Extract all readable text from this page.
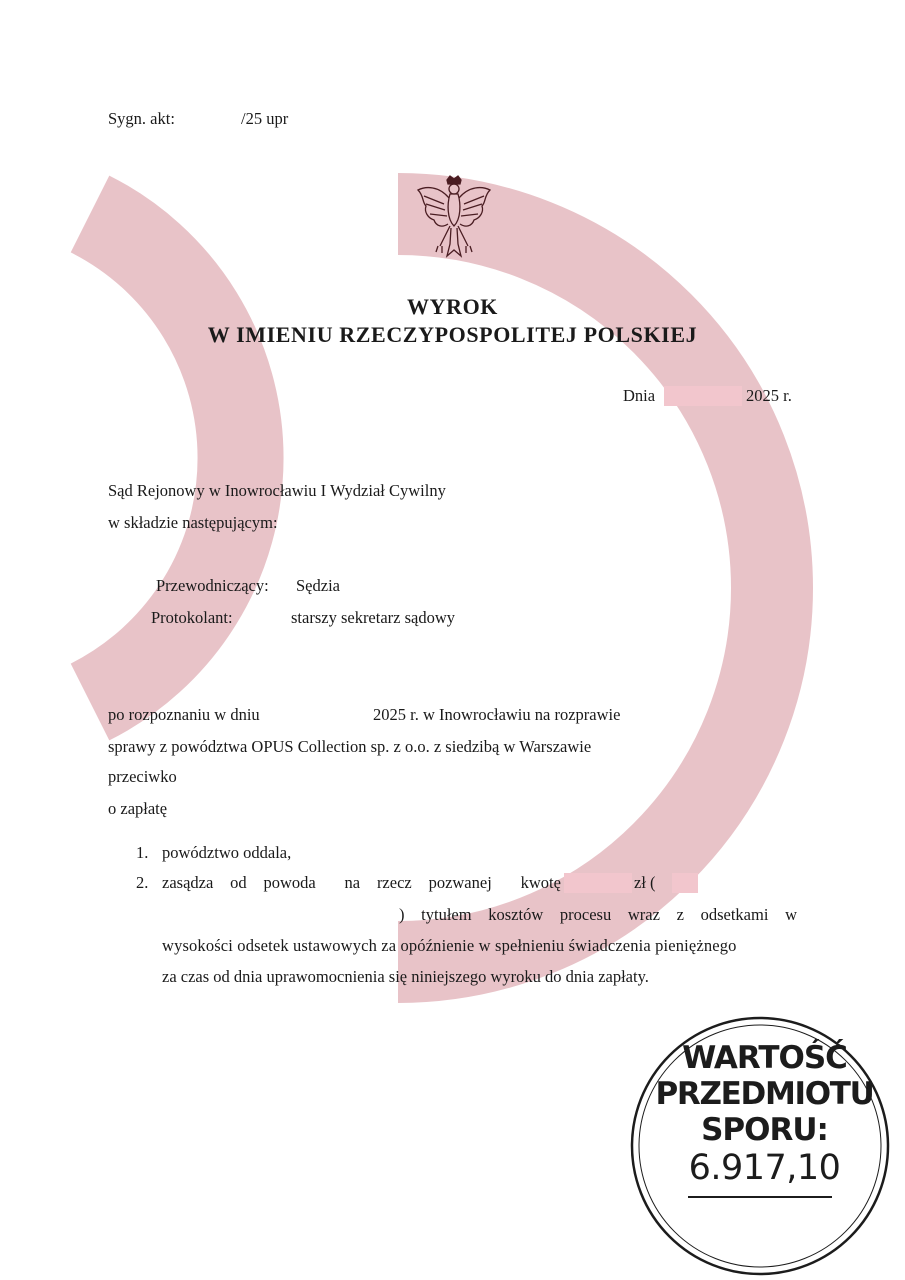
Sygn. akt:	/25 upr
WYROK
W IMIENIU RZECZYPOSPOLITEJ POLSKIEJ
Dnia	2025 r.
Sąd Rejonowy w Inowrocławiu I Wydział Cywilny
w składzie następującym:
Przewodniczący: Sędzia
Protokolant:	starszy sekretarz sądowy
po rozpoznaniu w dniu	2025 r. w Inowrocławiu na rozprawie
sprawy z powództwa OPUS Collection sp. z o.o. z siedzibą w Warszawie
przeciwko
o zapłatę
1. powództwo oddala,
2. zasądza od powoda na rzecz pozwanej kwotę	zł (
) tytułem kosztów procesu wraz z odsetkami w
wysokości odsetek ustawowych za opóźnienie w spełnieniu świadczenia pieniężnego
za czas od dnia uprawomocnienia się niniejszego wyroku do dnia zapłaty.
WARTOŚĆ
PRZEDMIOTU
SPORU:
6.917,10
